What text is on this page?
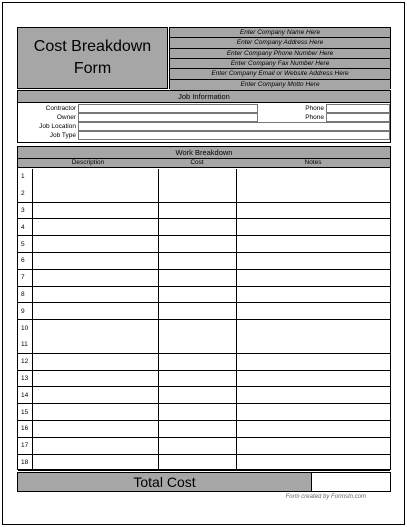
Cost Breakdown Form
Enter Company Name Here
Enter Company Address Here
Enter Company Phone Number Here
Enter Company Fax Number Here
Enter Company Email or Website Address Here
Enter Company Motto Here
Job Information
Contractor	Phone
Owner	Phone
Job Location
Job Type
Work Breakdown
Description	Cost	Notes
1
2
3
4
5
6
7
8
9
10
11
12
13
14
15
16
17
18
Total Cost
Form created by FormsIn.com
